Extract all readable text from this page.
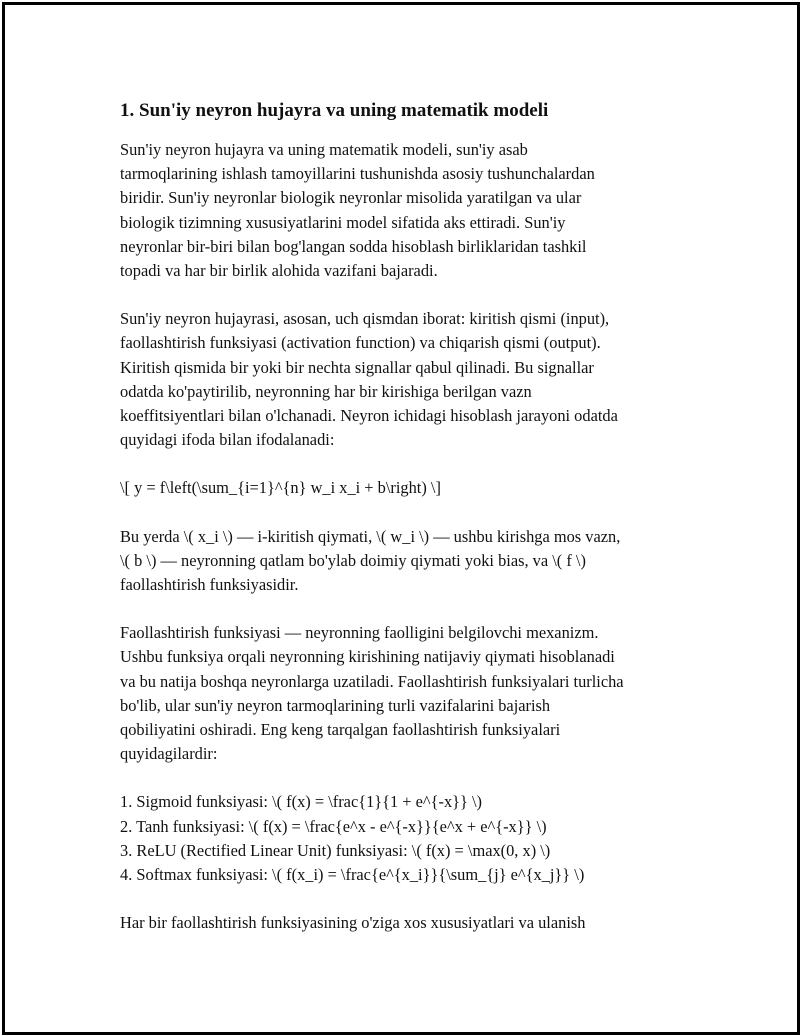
1. Sun'iy neyron hujayra va uning matematik modeli

Sun'iy neyron hujayra va uning matematik modeli, sun'iy asab
tarmoqlarining ishlash tamoyillarini tushunishda asosiy tushunchalardan
biridir. Sun'iy neyronlar biologik neyronlar misolida yaratilgan va ular
biologik tizimning xususiyatlarini model sifatida aks ettiradi. Sun'iy
neyronlar bir-biri bilan bog'langan sodda hisoblash birliklaridan tashkil
topadi va har bir birlik alohida vazifani bajaradi.

Sun'iy neyron hujayrasi, asosan, uch qismdan iborat: kiritish qismi (input),
faollashtirish funksiyasi (activation function) va chiqarish qismi (output).
Kiritish qismida bir yoki bir nechta signallar qabul qilinadi. Bu signallar
odatda ko'paytirilib, neyronning har bir kirishiga berilgan vazn
koeffitsiyentlari bilan o'lchanadi. Neyron ichidagi hisoblash jarayoni odatda
quyidagi ifoda bilan ifodalanadi:

\[ y = f\left(\sum_{i=1}^{n} w_i x_i + b\right) \]

Bu yerda \( x_i \) — i-kiritish qiymati, \( w_i \) — ushbu kirishga mos vazn,
\( b \) — neyronning qatlam bo'ylab doimiy qiymati yoki bias, va \( f \)
faollashtirish funksiyasidir.

Faollashtirish funksiyasi — neyronning faolligini belgilovchi mexanizm.
Ushbu funksiya orqali neyronning kirishining natijaviy qiymati hisoblanadi
va bu natija boshqa neyronlarga uzatiladi. Faollashtirish funksiyalari turlicha
bo'lib, ular sun'iy neyron tarmoqlarining turli vazifalarini bajarish
qobiliyatini oshiradi. Eng keng tarqalgan faollashtirish funksiyalari
quyidagilardir:

1. Sigmoid funksiyasi: \( f(x) = \frac{1}{1 + e^{-x}} \)
2. Tanh funksiyasi: \( f(x) = \frac{e^x - e^{-x}}{e^x + e^{-x}} \)
3. ReLU (Rectified Linear Unit) funksiyasi: \( f(x) = \max(0, x) \)
4. Softmax funksiyasi: \( f(x_i) = \frac{e^{x_i}}{\sum_{j} e^{x_j}} \)

Har bir faollashtirish funksiyasining o'ziga xos xususiyatlari va ulanish
